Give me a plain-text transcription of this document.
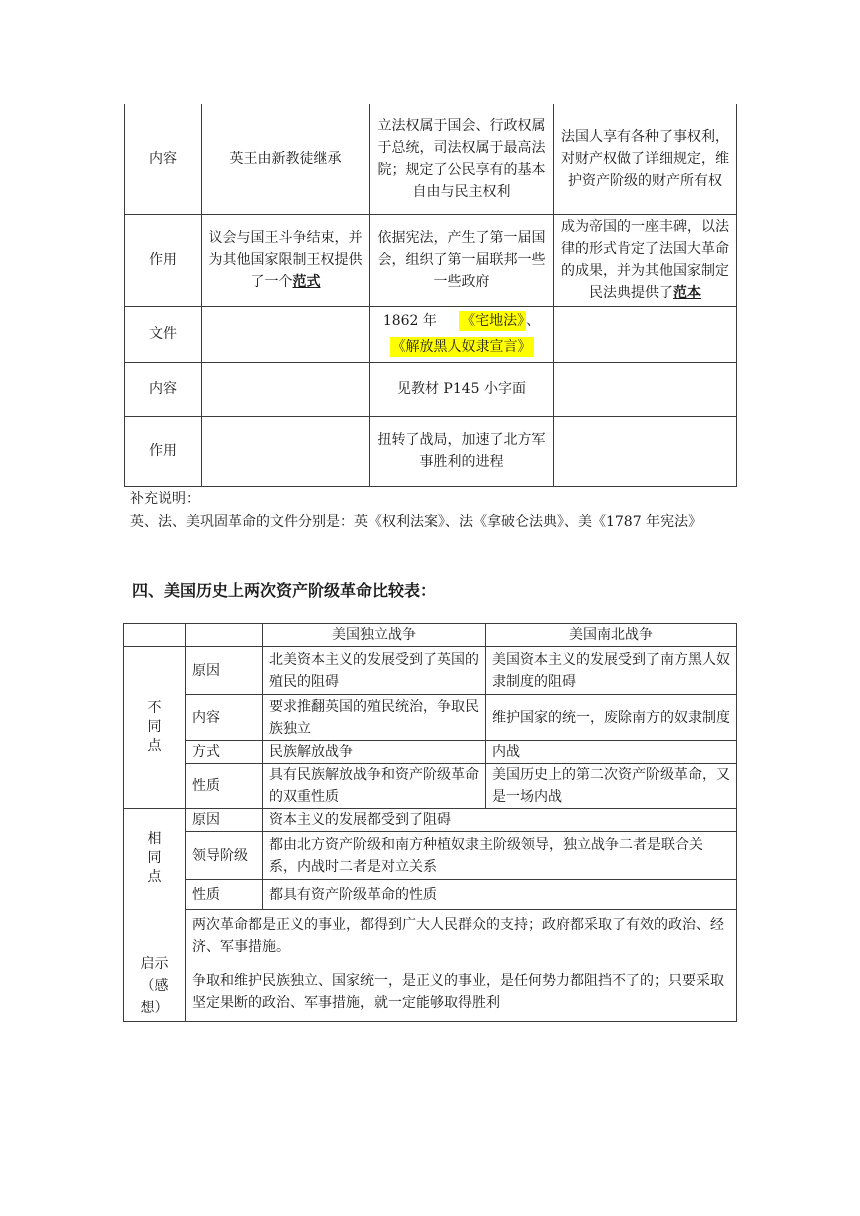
内容	英王由新教徒继承	立法权属于国会、行政权属于总统，司法权属于最高法院；规定了公民享有的基本自由与民主权利	法国人享有各种了事权利，对财产权做了详细规定，维护资产阶级的财产所有权
作用	议会与国王斗争结束，并为其他国家限制王权提供了一个范式	依据宪法，产生了第一届国会，组织了第一届联邦一些一些政府	成为帝国的一座丰碑，以法律的形式肯定了法国大革命的成果，并为其他国家制定民法典提供了范本
文件		1862 年 《宅地法》 、
《解放黑人奴隶宣言》	
内容		见教材 P145 小字面	
作用		扭转了战局，加速了北方军事胜利的进程	
补充说明：
英、法、美巩固革命的文件分别是：英《权利法案》、法《拿破仑法典》、美《1787 年宪法》
四、美国历史上两次资产阶级革命比较表：
		美国独立战争	美国南北战争
不同点	原因	北美资本主义的发展受到了英国的殖民的阻碍	美国资本主义的发展受到了南方黑人奴隶制度的阻碍
	内容	要求推翻英国的殖民统治，争取民族独立	维护国家的统一，废除南方的奴隶制度
	方式	民族解放战争	内战
	性质	具有民族解放战争和资产阶级革命的双重性质	美国历史上的第二次资产阶级革命，又是一场内战
相同点	原因	资本主义的发展都受到了阻碍	
	领导阶级	都由北方资产阶级和南方种植奴隶主阶级领导，独立战争二者是联合关系，内战时二者是对立关系	
	性质	都具有资产阶级革命的性质	
启示（感想）	两次革命都是正义的事业，都得到广大人民群众的支持；政府都采取了有效的政治、经济、军事措施。

争取和维护民族独立、国家统一，是正义的事业，是任何势力都阻挡不了的；只要采取坚定果断的政治、军事措施，就一定能够取得胜利		
